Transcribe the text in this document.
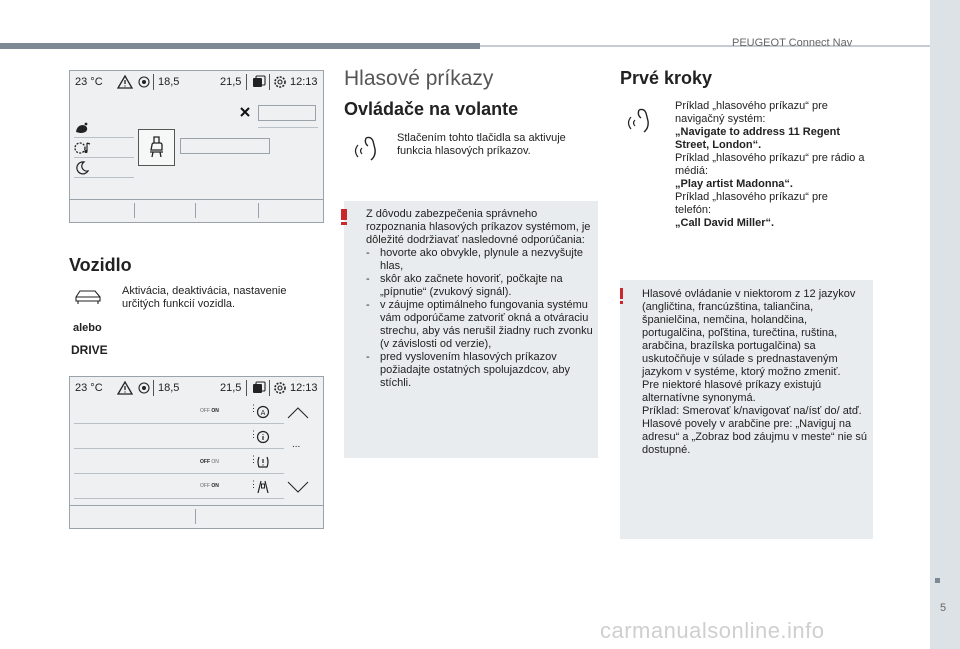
PEUGEOT Connect Nav
5
carmanualsonline.info
23 °C	18,5	21,5	12:13
Vozidlo
Aktivácia, deaktivácia, nastavenie určitých funkcií vozidla.
alebo
DRIVE
23 °C	18,5	21,5	12:13
OFF ON
OFF ON
OFF ON
⋮
⋮
⋮
⋮
A
...
Hlasové príkazy
Ovládače na volante
Stlačením tohto tlačidla sa aktivuje funkcia hlasových príkazov.
Z dôvodu zabezpečenia správneho rozpoznania hlasových príkazov systémom, je dôležité dodržiavať nasledovné odporúčania:
- hovorte ako obvykle, plynule a nezvyšujte hlas,
- skôr ako začnete hovoriť, počkajte na „pípnutie“ (zvukový signál).
- v záujme optimálneho fungovania systému vám odporúčame zatvoriť okná a otváraciu strechu, aby vás nerušil žiadny ruch zvonku (v závislosti od verzie),
- pred vyslovením hlasových príkazov požiadajte ostatných spolujazdcov, aby stíchli.
Prvé kroky
Príklad „hlasového príkazu“ pre navigačný systém:
„Navigate to address 11 Regent Street, London“.
Príklad „hlasového príkazu“ pre rádio a médiá:
„Play artist Madonna“.
Príklad „hlasového príkazu“ pre telefón:
„Call David Miller“.
Hlasové ovládanie v niektorom z 12 jazykov (angličtina, francúzština, taliančina, španielčina, nemčina, holandčina, portugalčina, poľština, turečtina, ruština, arabčina, brazílska portugalčina) sa uskutočňuje v súlade s prednastaveným jazykom v systéme, ktorý možno zmeniť.
Pre niektoré hlasové príkazy existujú alternatívne synonymá.
Príklad: Smerovať k/navigovať na/ísť do/ atď.
Hlasové povely v arabčine pre: „Naviguj na adresu“ a „Zobraz bod záujmu v meste“ nie sú dostupné.
